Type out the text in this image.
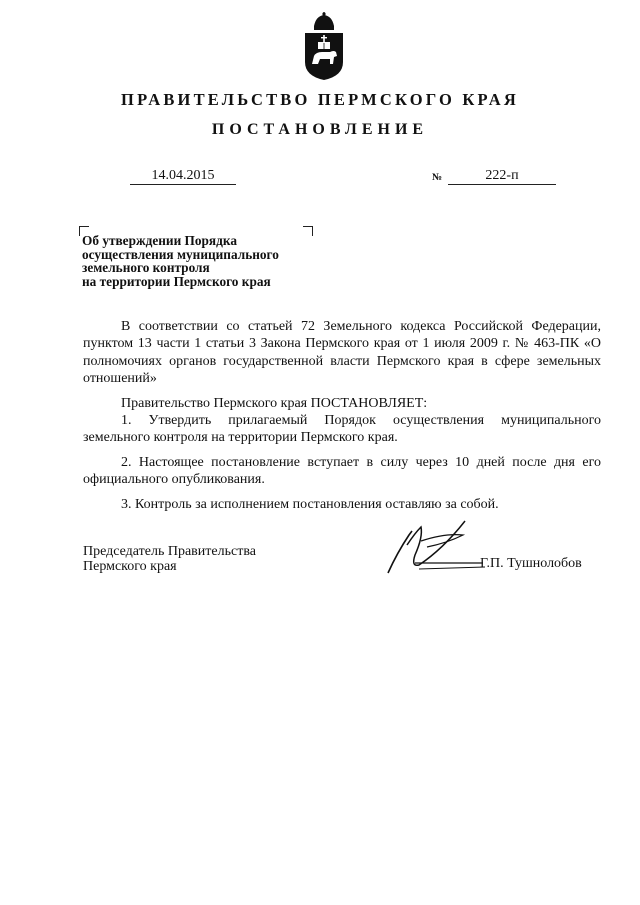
ПРАВИТЕЛЬСТВО ПЕРМСКОГО КРАЯ
ПОСТАНОВЛЕНИЕ
14.04.2015	№	222-п
Об утверждении Порядка
осуществления муниципального
земельного контроля
на территории Пермского края

В соответствии со статьей 72 Земельного кодекса Российской Федерации, пунктом 13 части 1 статьи 3 Закона Пермского края от 1 июля 2009 г. № 463-ПК «О полномочиях органов государственной власти Пермского края в сфере земельных отношений»

Правительство Пермского края ПОСТАНОВЛЯЕТ:

1. Утвердить прилагаемый Порядок осуществления муниципального земельного контроля на территории Пермского края.

2. Настоящее постановление вступает в силу через 10 дней после дня его официального опубликования.

3. Контроль за исполнением постановления оставляю за собой.

Председатель Правительства
Пермского края	Г.П. Тушнолобов
